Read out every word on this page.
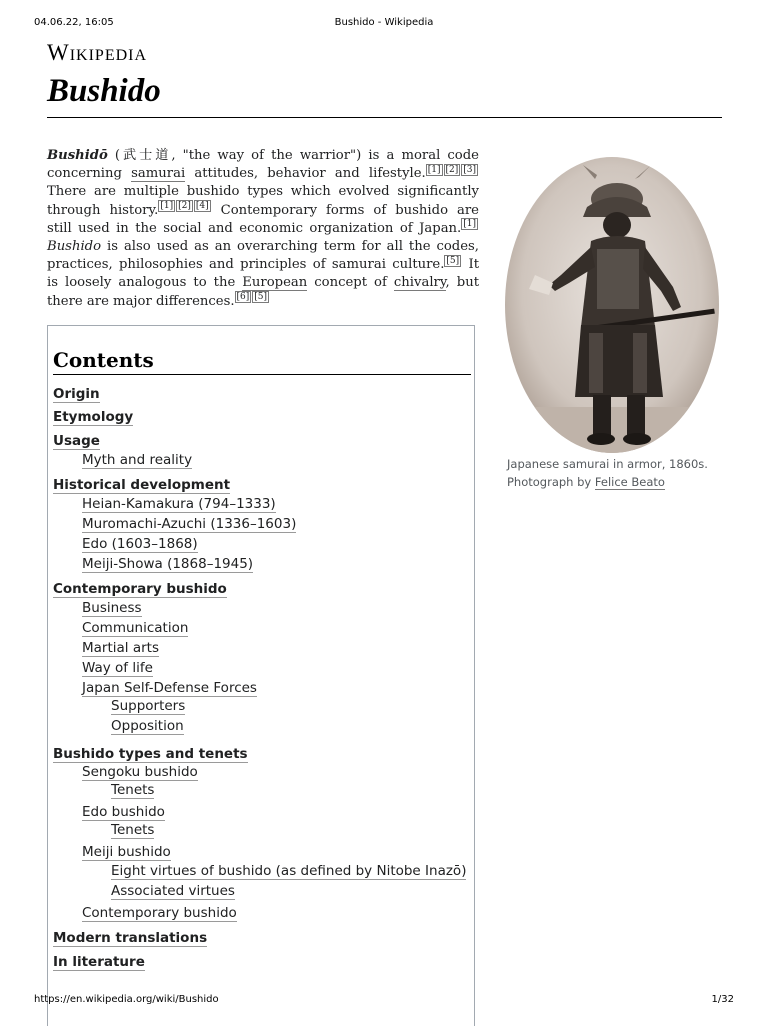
04.06.22, 16:05	Bushido - Wikipedia
Wikipedia
Bushido
Bushidō (武士道, "the way of the warrior") is a moral code concerning samurai attitudes, behavior and lifestyle. [1] [2] [3] There are multiple bushido types which evolved significantly through history. [1] [2] [4] Contemporary forms of bushido are still used in the social and economic organization of Japan. [1] Bushido is also used as an overarching term for all the codes, practices, philosophies and principles of samurai culture. [5] It is loosely analogous to the European concept of chivalry, but there are major differences. [6] [5]
Contents
Origin
Etymology
Usage
Myth and reality
Historical development
Heian-Kamakura (794–1333)
Muromachi-Azuchi (1336–1603)
Edo (1603–1868)
Meiji-Showa (1868–1945)
Contemporary bushido
Business
Communication
Martial arts
Way of life
Japan Self-Defense Forces
Supporters
Opposition
Bushido types and tenets
Sengoku bushido
Tenets
Edo bushido
Tenets
Meiji bushido
Eight virtues of bushido (as defined by Nitobe Inazō)
Associated virtues
Contemporary bushido
Modern translations
In literature
Japanese samurai in armor, 1860s. Photograph by Felice Beato
https://en.wikipedia.org/wiki/Bushido	1/32
